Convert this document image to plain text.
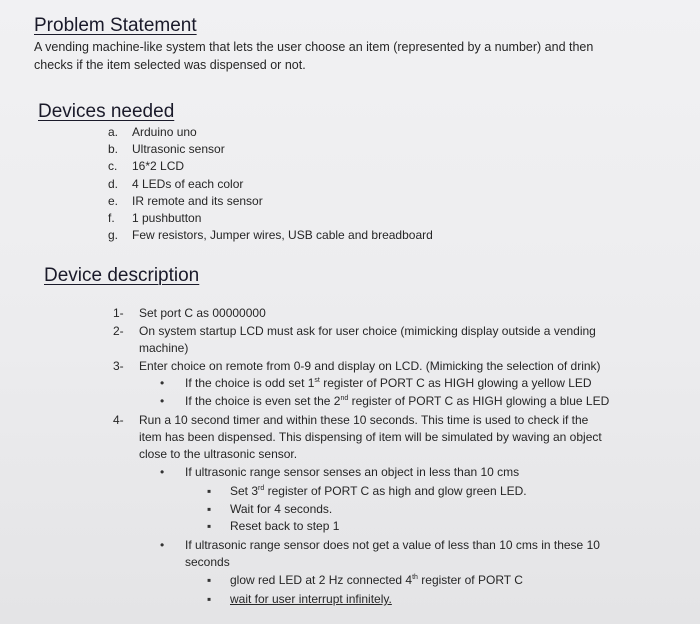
Problem Statement
A vending machine-like system that lets the user choose an item (represented by a number) and then
checks if the item selected was dispensed or not.
Devices needed
a. Arduino uno
b. Ultrasonic sensor
c. 16*2 LCD
d. 4 LEDs of each color
e. IR remote and its sensor
f. 1 pushbutton
g. Few resistors, Jumper wires, USB cable and breadboard
Device description
1- Set port C as 00000000
2- On system startup LCD must ask for user choice (mimicking display outside a vending
machine)
3- Enter choice on remote from 0-9 and display on LCD. (Mimicking the selection of drink)
• If the choice is odd set 1st register of PORT C as HIGH glowing a yellow LED
• If the choice is even set the 2nd register of PORT C as HIGH glowing a blue LED
4- Run a 10 second timer and within these 10 seconds. This time is used to check if the
item has been dispensed. This dispensing of item will be simulated by waving an object
close to the ultrasonic sensor.
• If ultrasonic range sensor senses an object in less than 10 cms
▪ Set 3rd register of PORT C as high and glow green LED.
▪ Wait for 4 seconds.
▪ Reset back to step 1
• If ultrasonic range sensor does not get a value of less than 10 cms in these 10
seconds
▪ glow red LED at 2 Hz connected 4th register of PORT C
▪ wait for user interrupt infinitely.
